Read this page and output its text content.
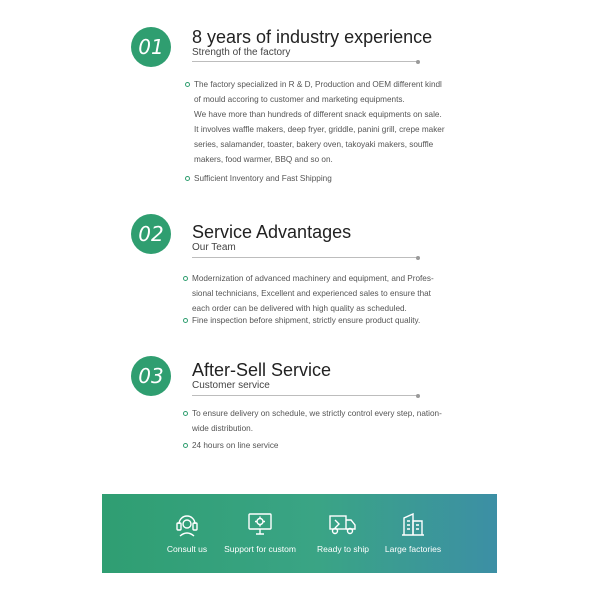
01	8 years of industry experience
Strength of the factory
The factory specialized in R & D, Production and OEM different kindl
of mould accoring to customer and marketing equipments.
We have more than hundreds of different snack equipments on sale.
It involves waffle makers, deep fryer, griddle, panini grill, crepe maker
series, salamander, toaster, bakery oven, takoyaki makers, souffle
makers, food warmer, BBQ and so on.
Sufficient Inventory and Fast Shipping
02	Service Advantages
Our Team
Modernization of advanced machinery and equipment, and Profes-
sional technicians, Excellent and experienced sales to ensure that
each order can be delivered with high quality as scheduled.
Fine inspection before shipment, strictly ensure product quality.
03	After-Sell Service
Customer service
To ensure delivery on schedule, we strictly control every step, nation-
wide distribution.
24 hours on line service
Consult us	Support for custom	Ready to ship	Large factories
